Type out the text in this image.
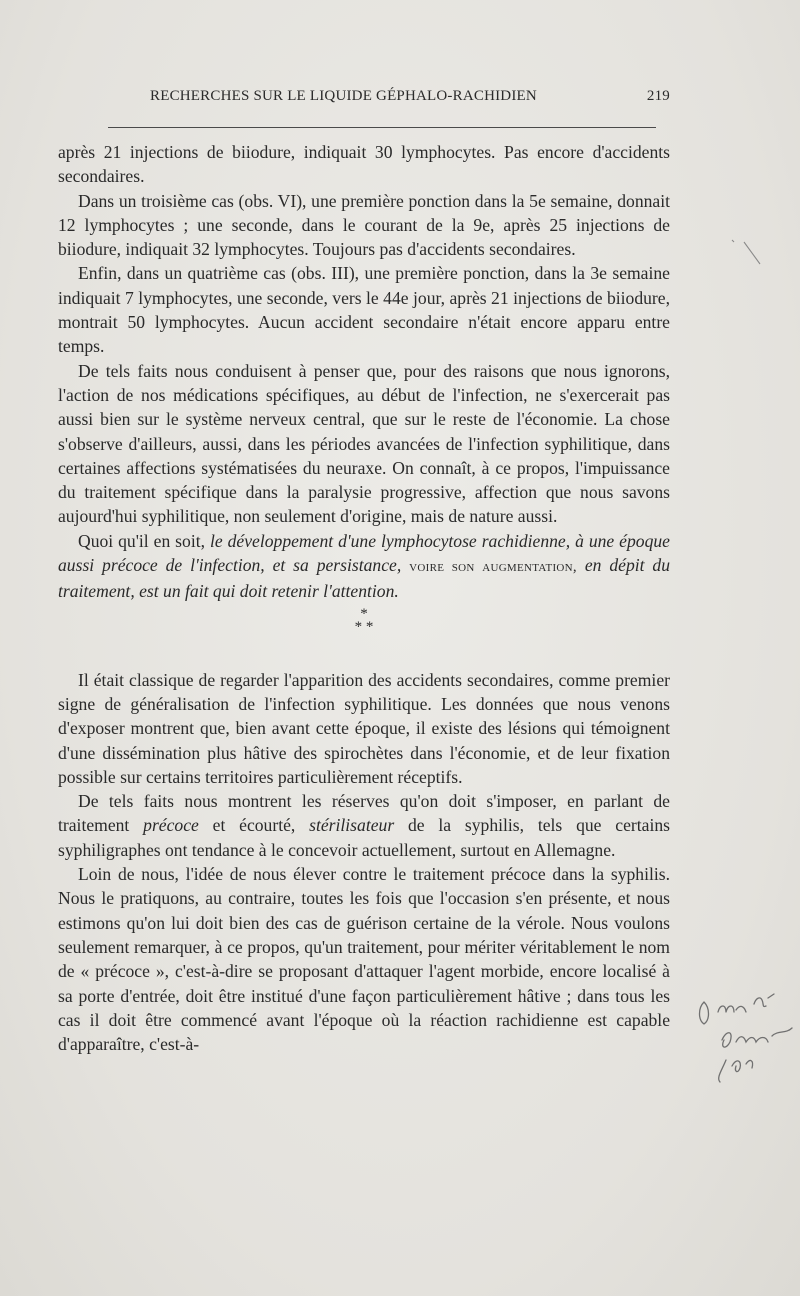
RECHERCHES SUR LE LIQUIDE GÉPHALO-RACHIDIEN	219

après 21 injections de biiodure, indiquait 30 lymphocytes. Pas encore d'accidents secondaires.

Dans un troisième cas (obs. VI), une première ponction dans la 5e semaine, donnait 12 lymphocytes ; une seconde, dans le courant de la 9e, après 25 injections de biiodure, indiquait 32 lymphocytes. Toujours pas d'accidents secondaires.

Enfin, dans un quatrième cas (obs. III), une première ponction, dans la 3e semaine indiquait 7 lymphocytes, une seconde, vers le 44e jour, après 21 injections de biiodure, montrait 50 lymphocytes. Aucun accident secondaire n'était encore apparu entre temps.

De tels faits nous conduisent à penser que, pour des raisons que nous ignorons, l'action de nos médications spécifiques, au début de l'infection, ne s'exercerait pas aussi bien sur le système nerveux central, que sur le reste de l'économie. La chose s'observe d'ailleurs, aussi, dans les périodes avancées de l'infection syphilitique, dans certaines affections systématisées du neuraxe. On connaît, à ce propos, l'impuissance du traitement spécifique dans la paralysie progressive, affection que nous savons aujourd'hui syphilitique, non seulement d'origine, mais de nature aussi.

Quoi qu'il en soit, le développement d'une lymphocytose rachidienne, à une époque aussi précoce de l'infection, et sa persistance, voire son augmentation, en dépit du traitement, est un fait qui doit retenir l'attention.

*
* *

Il était classique de regarder l'apparition des accidents secondaires, comme premier signe de généralisation de l'infection syphilitique. Les données que nous venons d'exposer montrent que, bien avant cette époque, il existe des lésions qui témoignent d'une dissémination plus hâtive des spirochètes dans l'économie, et de leur fixation possible sur certains territoires particulièrement réceptifs.

De tels faits nous montrent les réserves qu'on doit s'imposer, en parlant de traitement précoce et écourté, stérilisateur de la syphilis, tels que certains syphiligraphes ont tendance à le concevoir actuellement, surtout en Allemagne.

Loin de nous, l'idée de nous élever contre le traitement précoce dans la syphilis. Nous le pratiquons, au contraire, toutes les fois que l'occasion s'en présente, et nous estimons qu'on lui doit bien des cas de guérison certaine de la vérole. Nous voulons seulement remarquer, à ce propos, qu'un traitement, pour mériter véritablement le nom de « précoce », c'est-à-dire se proposant d'attaquer l'agent morbide, encore localisé à sa porte d'entrée, doit être institué d'une façon particulièrement hâtive ; dans tous les cas il doit être commencé avant l'époque où la réaction rachidienne est capable d'apparaître, c'est-à-
